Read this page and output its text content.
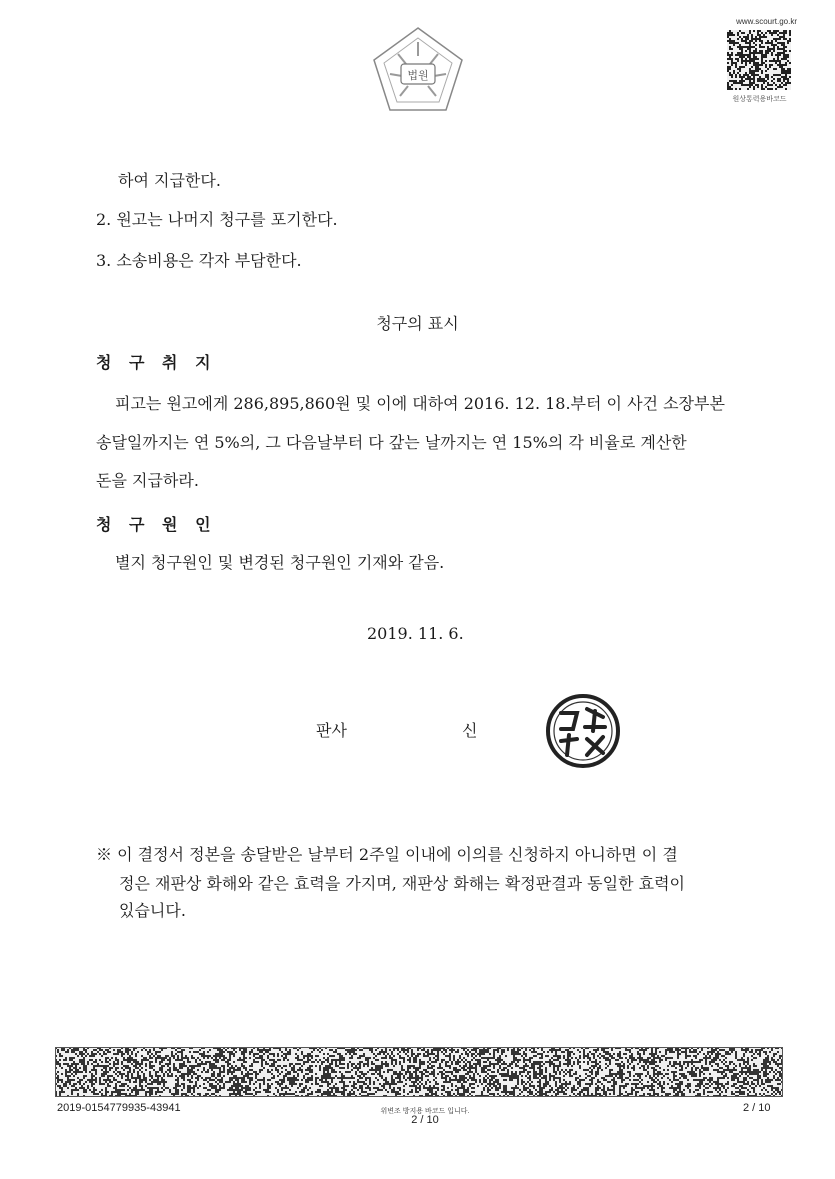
법원
www.scourt.go.kr
원상통력용바코드
하여 지급한다.
2. 원고는 나머지 청구를 포기한다.
3. 소송비용은 각자 부담한다.
청구의 표시
청 구 취 지
피고는 원고에게 286,895,860원 및 이에 대하여 2016. 12. 18.부터 이 사건 소장부본
송달일까지는 연 5%의, 그 다음날부터 다 갚는 날까지는 연 15%의 각 비율로 계산한
돈을 지급하라.
청 구 원 인
별지 청구원인 및 변경된 청구원인 기재와 같음.
2019. 11. 6.
판사	신
※ 이 결정서 정본을 송달받은 날부터 2주일 이내에 이의를 신청하지 아니하면 이 결
정은 재판상 화해와 같은 효력을 가지며, 재판상 화해는 확정판결과 동일한 효력이
있습니다.
2019-0154779935-43941	위변조 방지용 바코드 입니다.
2 / 10
2 / 10
